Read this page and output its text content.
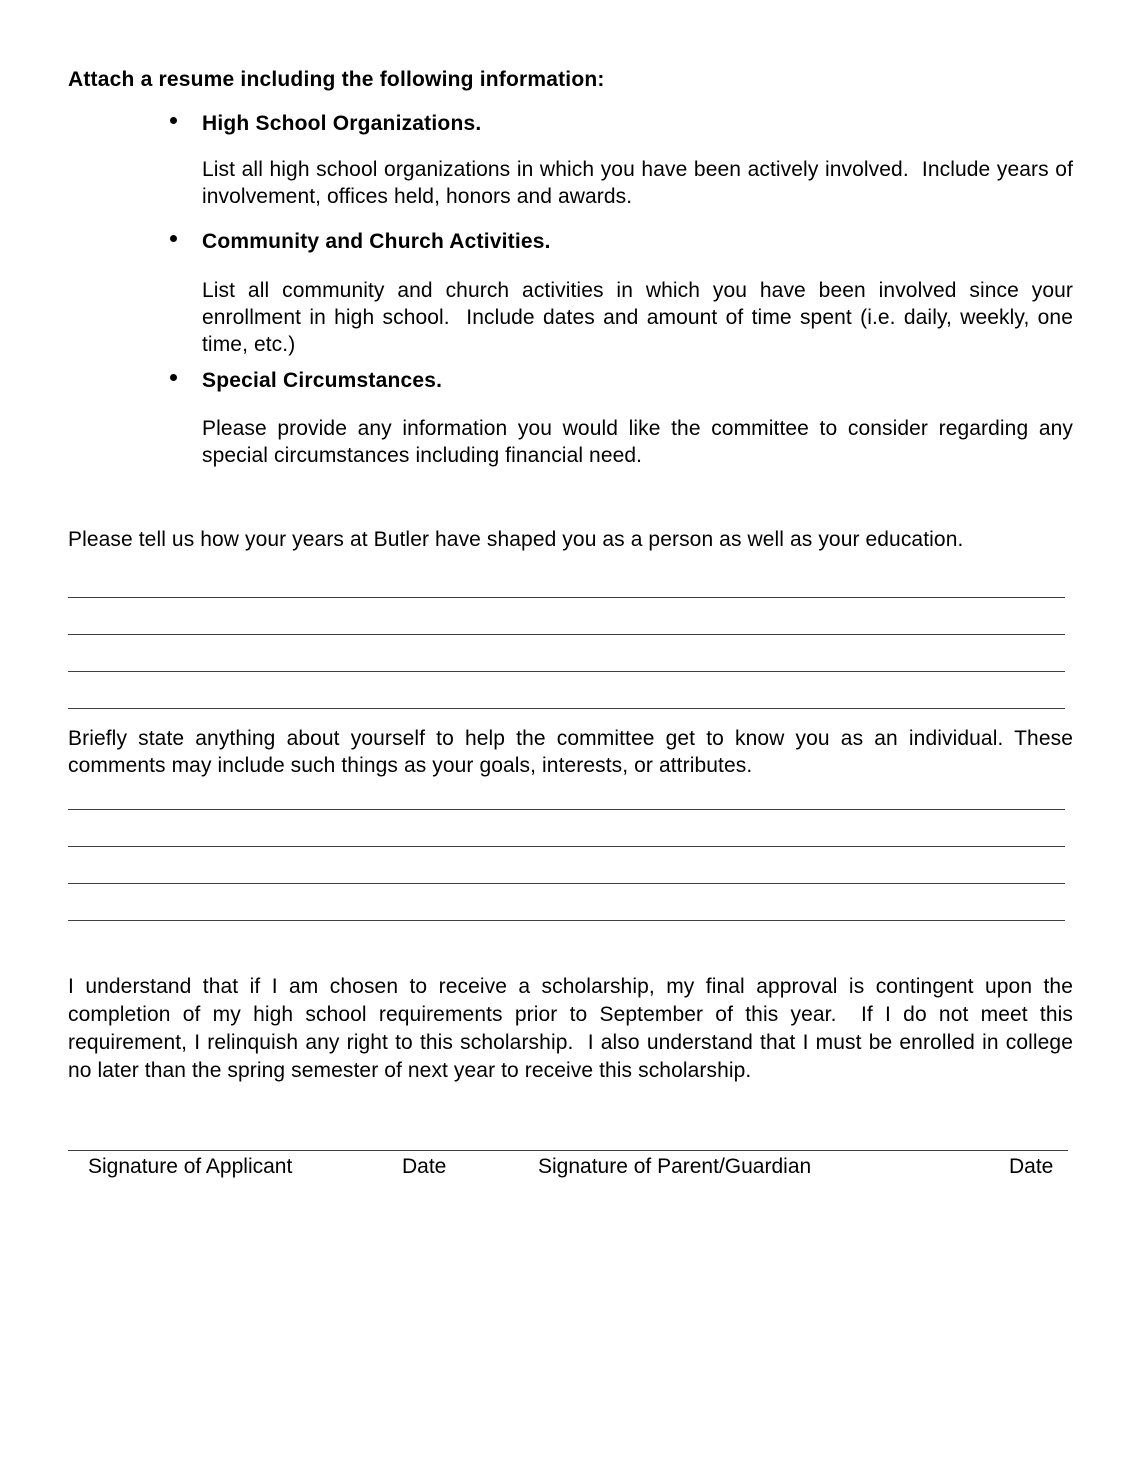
Attach a resume including the following information:
High School Organizations.
List all high school organizations in which you have been actively involved.  Include years of involvement, offices held, honors and awards.
Community and Church Activities.
List all community and church activities in which you have been involved since your enrollment in high school.  Include dates and amount of time spent (i.e. daily, weekly, one time, etc.)
Special Circumstances.
Please provide any information you would like the committee to consider regarding any special circumstances including financial need.
Please tell us how your years at Butler have shaped you as a person as well as your education.
Briefly state anything about yourself to help the committee get to know you as an individual. These comments may include such things as your goals, interests, or attributes.
I understand that if I am chosen to receive a scholarship, my final approval is contingent upon the completion of my high school requirements prior to September of this year.  If I do not meet this requirement, I relinquish any right to this scholarship.  I also understand that I must be enrolled in college no later than the spring semester of next year to receive this scholarship.
Signature of Applicant	Date	Signature of Parent/Guardian	Date
